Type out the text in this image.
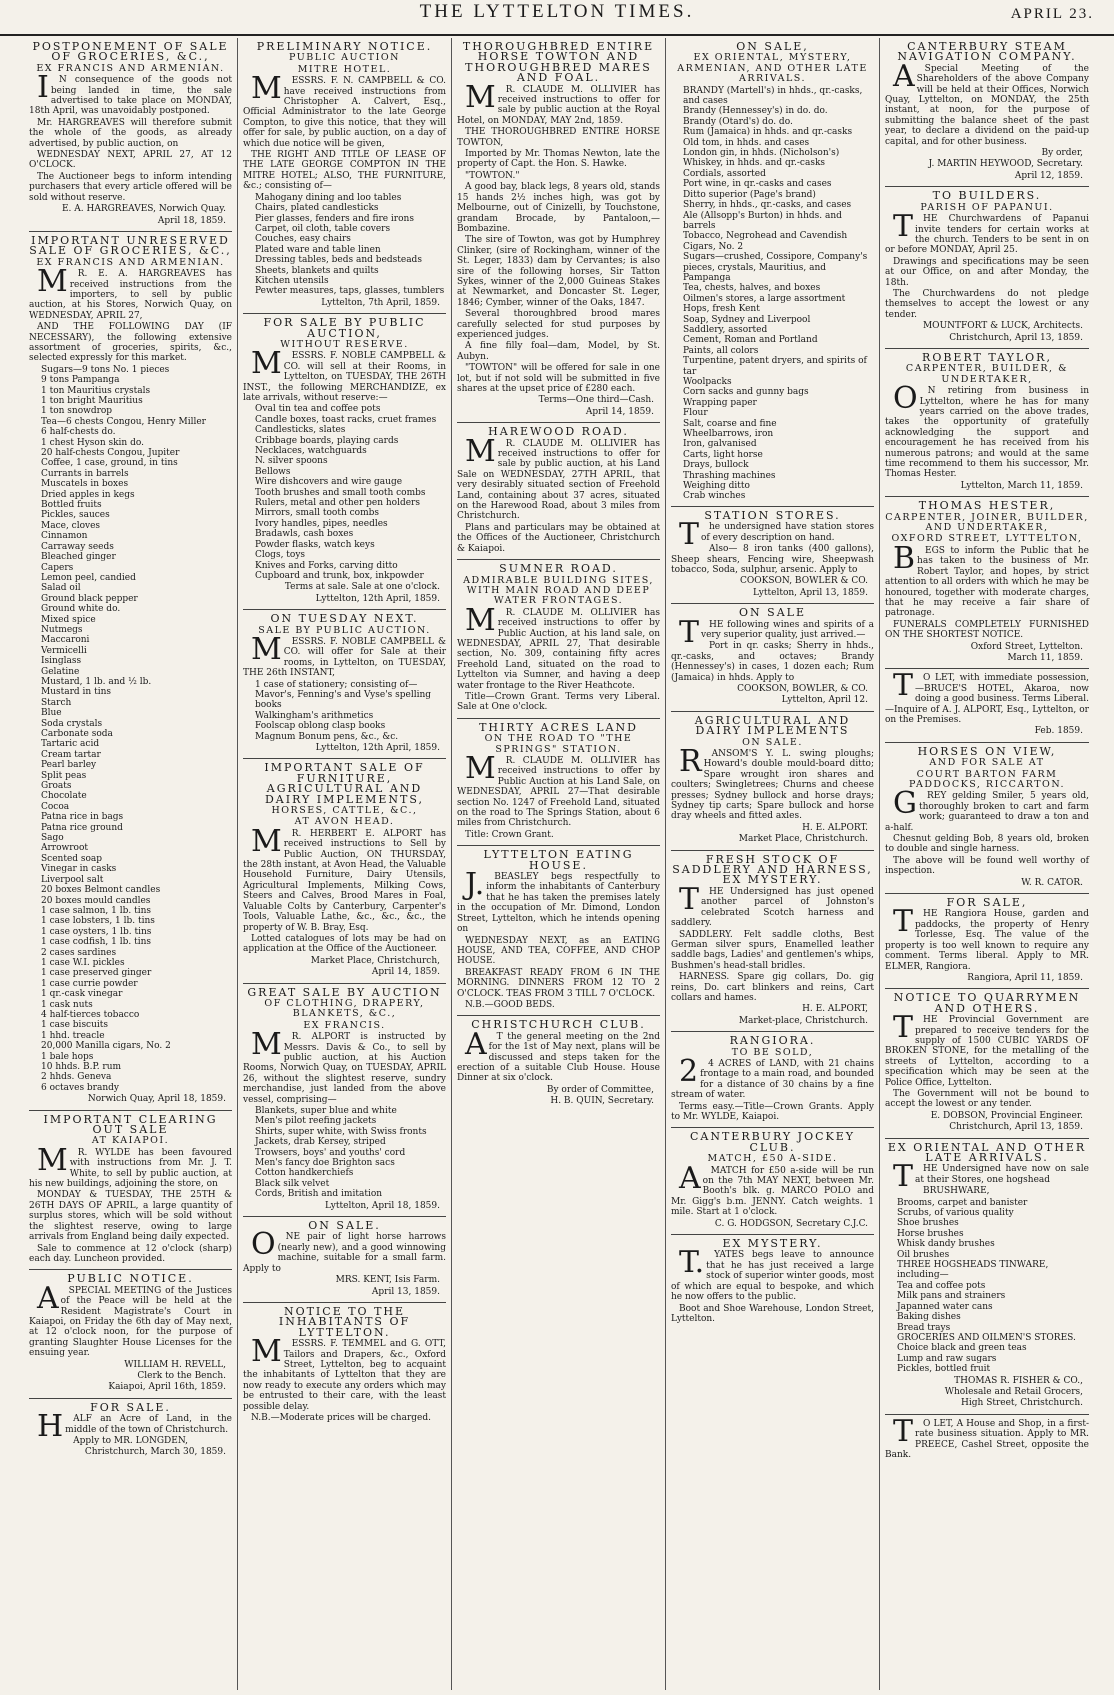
THE LYTTELTON TIMES.	APRIL 23.
POSTPONEMENT OF SALE OF GROCERIES, &C.,
EX FRANCIS AND ARMENIAN.
IN consequence of the goods not being landed in time, the sale advertised to take place on MONDAY, 18th April, was unavoidably postponed.
Mr. HARGREAVES will therefore submit the whole of the goods, as already advertised, by public auction, on
WEDNESDAY NEXT, APRIL 27, AT 12 O'CLOCK.
The Auctioneer begs to inform intending purchasers that every article offered will be sold without reserve.
E. A. HARGREAVES, Norwich Quay.
April 18, 1859.
IMPORTANT UNRESERVED SALE OF GROCERIES, &C.,
EX FRANCIS AND ARMENIAN.
MR. E. A. HARGREAVES has received instructions from the importers, to sell by public auction, at his Stores, Norwich Quay, on WEDNESDAY, APRIL 27,
AND THE FOLLOWING DAY (IF NECESSARY), the following extensive assortment of groceries, spirits, &c., selected expressly for this market.
Sugars—9 tons No. 1 pieces
9 tons Pampanga
1 ton Mauritius crystals
1 ton bright Mauritius
1 ton snowdrop
Tea—6 chests Congou, Henry Miller
6 half-chests do.
1 chest Hyson skin do.
20 half-chests Congou, Jupiter
Coffee, 1 case, ground, in tins
Currants in barrels
Muscatels in boxes
Dried apples in kegs
Bottled fruits
Pickles, sauces
Mace, cloves
Cinnamon
Carraway seeds
Bleached ginger
Capers
Lemon peel, candied
Salad oil
Ground black pepper
Ground white do.
Mixed spice
Nutmegs
Maccaroni
Vermicelli
Isinglass
Gelatine
Mustard, 1 lb. and ½ lb.
Mustard in tins
Starch
Blue
Soda crystals
Carbonate soda
Tartaric acid
Cream tartar
Pearl barley
Split peas
Groats
Chocolate
Cocoa
Patna rice in bags
Patna rice ground
Sago
Arrowroot
Scented soap
Vinegar in casks
Liverpool salt
20 boxes Belmont candles
20 boxes mould candles
1 case salmon, 1 lb. tins
1 case lobsters, 1 lb. tins
1 case oysters, 1 lb. tins
1 case codfish, 1 lb. tins
2 cases sardines
1 case W.I. pickles
1 case preserved ginger
1 case currie powder
1 qr.-cask vinegar
1 cask nuts
4 half-tierces tobacco
1 case biscuits
1 hhd. treacle
20,000 Manilla cigars, No. 2
1 bale hops
10 hhds. B.P. rum
2 hhds. Geneva
6 octaves brandy
Norwich Quay, April 18, 1859.
IMPORTANT CLEARING OUT SALE
AT KAIAPOI.
MR. WYLDE has been favoured with instructions from Mr. J. T. White, to sell by public auction, at his new buildings, adjoining the store, on
MONDAY & TUESDAY, THE 25TH & 26TH DAYS OF APRIL, a large quantity of surplus stores, which will be sold without the slightest reserve, owing to large arrivals from England being daily expected.
Sale to commence at 12 o'clock (sharp) each day. Luncheon provided.
PUBLIC NOTICE.
ASPECIAL MEETING of the Justices of the Peace will be held at the Resident Magistrate's Court in Kaiapoi, on Friday the 6th day of May next, at 12 o'clock noon, for the purpose of granting Slaughter House Licenses for the ensuing year.
WILLIAM H. REVELL,
Clerk to the Bench.
Kaiapoi, April 16th, 1859.
FOR SALE.
HALF an Acre of Land, in the middle of the town of Christchurch.
Apply to MR. LONGDEN,
Christchurch, March 30, 1859.
PRELIMINARY NOTICE.
PUBLIC AUCTION
MITRE HOTEL.
MESSRS. F. N. CAMPBELL & CO. have received instructions from Christopher A. Calvert, Esq., Official Administrator to the late George Compton, to give this notice, that they will offer for sale, by public auction, on a day of which due notice will be given,
THE RIGHT AND TITLE OF LEASE OF THE LATE GEORGE COMPTON IN THE MITRE HOTEL; ALSO, THE FURNITURE, &c.; consisting of—
Mahogany dining and loo tables
Chairs, plated candlesticks
Pier glasses, fenders and fire irons
Carpet, oil cloth, table covers
Couches, easy chairs
Plated ware and table linen
Dressing tables, beds and bedsteads
Sheets, blankets and quilts
Kitchen utensils
Pewter measures, taps, glasses, tumblers
Lyttelton, 7th April, 1859.
FOR SALE BY PUBLIC AUCTION,
WITHOUT RESERVE.
MESSRS. F. NOBLE CAMPBELL & CO. will sell at their Rooms, in Lyttelton, on TUESDAY, THE 26TH INST., the following MERCHANDIZE, ex late arrivals, without reserve:—
Oval tin tea and coffee pots
Candle boxes, toast racks, cruet frames
Candlesticks, slates
Cribbage boards, playing cards
Necklaces, watchguards
N. silver spoons
Bellows
Wire dishcovers and wire gauge
Tooth brushes and small tooth combs
Rulers, metal and other pen holders
Mirrors, small tooth combs
Ivory handles, pipes, needles
Bradawls, cash boxes
Powder flasks, watch keys
Clogs, toys
Knives and Forks, carving ditto
Cupboard and trunk, box, inkpowder
Terms at sale. Sale at one o'clock.
Lyttelton, 12th April, 1859.
ON TUESDAY NEXT.
SALE BY PUBLIC AUCTION.
MESSRS. F. NOBLE CAMPBELL & CO. will offer for Sale at their rooms, in Lyttelton, on TUESDAY, THE 26th INSTANT,
1 case of stationery; consisting of—
Mavor's, Fenning's and Vyse's spelling books
Walkingham's arithmetics
Foolscap oblong clasp books
Magnum Bonum pens, &c., &c.
Lyttelton, 12th April, 1859.
IMPORTANT SALE OF FURNITURE, AGRICULTURAL AND DAIRY IMPLEMENTS,
HORSES, CATTLE, &C.,
AT AVON HEAD.
MR. HERBERT E. ALPORT has received instructions to Sell by Public Auction, ON THURSDAY, the 28th instant, at Avon Head, the Valuable Household Furniture, Dairy Utensils, Agricultural Implements, Milking Cows, Steers and Calves, Brood Mares in Foal, Valuable Colts by Canterbury, Carpenter's Tools, Valuable Lathe, &c., &c., &c., the property of W. B. Bray, Esq.
Lotted catalogues of lots may be had on application at the Office of the Auctioneer.
Market Place, Christchurch,
April 14, 1859.
GREAT SALE BY AUCTION
OF CLOTHING, DRAPERY, BLANKETS, &C.,
EX FRANCIS.
MR. ALPORT is instructed by Messrs. Davis & Co., to sell by public auction, at his Auction Rooms, Norwich Quay, on TUESDAY, APRIL 26, without the slightest reserve, sundry merchandise, just landed from the above vessel, comprising—
Blankets, super blue and white
Men's pilot reefing jackets
Shirts, super white, with Swiss fronts
Jackets, drab Kersey, striped
Trowsers, boys' and youths' cord
Men's fancy doe Brighton sacs
Cotton handkerchiefs
Black silk velvet
Cords, British and imitation
Lyttelton, April 18, 1859.
ON SALE.
ONE pair of light horse harrows (nearly new), and a good winnowing machine, suitable for a small farm. Apply to
MRS. KENT, Isis Farm.
April 13, 1859.
NOTICE TO THE INHABITANTS OF LYTTELTON.
MESSRS. F. TEMMEL and G. OTT, Tailors and Drapers, &c., Oxford Street, Lyttelton, beg to acquaint the inhabitants of Lyttelton that they are now ready to execute any orders which may be entrusted to their care, with the least possible delay.
N.B.—Moderate prices will be charged.
THOROUGHBRED ENTIRE HORSE TOWTON AND THOROUGHBRED MARES AND FOAL.
MR. CLAUDE M. OLLIVIER has received instructions to offer for sale by public auction at the Royal Hotel, on MONDAY, MAY 2nd, 1859.
THE THOROUGHBRED ENTIRE HORSE TOWTON,
Imported by Mr. Thomas Newton, late the property of Capt. the Hon. S. Hawke.
"TOWTON."
A good bay, black legs, 8 years old, stands 15 hands 2½ inches high, was got by Melbourne, out of Cinizelli, by Touchstone, grandam Brocade, by Pantaloon,—Bombazine.
The sire of Towton, was got by Humphrey Clinker, (sire of Rockingham, winner of the St. Leger, 1833) dam by Cervantes; is also sire of the following horses, Sir Tatton Sykes, winner of the 2,000 Guineas Stakes at Newmarket, and Doncaster St. Leger, 1846; Cymber, winner of the Oaks, 1847.
Several thoroughbred brood mares carefully selected for stud purposes by experienced judges.
A fine filly foal—dam, Model, by St. Aubyn.
"TOWTON" will be offered for sale in one lot, but if not sold will be submitted in five shares at the upset price of £280 each.
Terms—One third—Cash.
April 14, 1859.
HAREWOOD ROAD.
MR. CLAUDE M. OLLIVIER has received instructions to offer for sale by public auction, at his Land Sale on WEDNESDAY, 27TH APRIL, that very desirably situated section of Freehold Land, containing about 37 acres, situated on the Harewood Road, about 3 miles from Christchurch.
Plans and particulars may be obtained at the Offices of the Auctioneer, Christchurch & Kaiapoi.
SUMNER ROAD.
ADMIRABLE BUILDING SITES, WITH MAIN ROAD AND DEEP WATER FRONTAGES.
MR. CLAUDE M. OLLIVIER has received instructions to offer by Public Auction, at his land sale, on WEDNESDAY, APRIL 27, That desirable section, No. 309, containing fifty acres Freehold Land, situated on the road to Lyttelton via Sumner, and having a deep water frontage to the River Heathcote.
Title—Crown Grant. Terms very Liberal. Sale at One o'clock.
THIRTY ACRES LAND
ON THE ROAD TO "THE SPRINGS" STATION.
MR. CLAUDE M. OLLIVIER has received instructions to offer by Public Auction at his Land Sale, on WEDNESDAY, APRIL 27—That desirable section No. 1247 of Freehold Land, situated on the road to The Springs Station, about 6 miles from Christchurch.
Title: Crown Grant.
LYTTELTON EATING HOUSE.
J.BEASLEY begs respectfully to inform the inhabitants of Canterbury that he has taken the premises lately in the occupation of Mr. Dimond, London Street, Lyttelton, which he intends opening on
WEDNESDAY NEXT, as an EATING HOUSE, AND TEA, COFFEE, AND CHOP HOUSE.
BREAKFAST READY FROM 6 IN THE MORNING. DINNERS FROM 12 TO 2 O'CLOCK. TEAS FROM 3 TILL 7 O'CLOCK.
N.B.—GOOD BEDS.
CHRISTCHURCH CLUB.
AT the general meeting on the 2nd for the 1st of May next, plans will be discussed and steps taken for the erection of a suitable Club House. House Dinner at six o'clock.
By order of Committee,
H. B. QUIN, Secretary.
ON SALE,
EX ORIENTAL, MYSTERY, ARMENIAN, AND OTHER LATE ARRIVALS.
BRANDY (Martell's) in hhds., qr.-casks, and cases
Brandy (Hennessey's) in do. do.
Brandy (Otard's) do. do.
Rum (Jamaica) in hhds. and qr.-casks
Old tom, in hhds. and cases
London gin, in hhds. (Nicholson's)
Whiskey, in hhds. and qr.-casks
Cordials, assorted
Port wine, in qr.-casks and cases
Ditto superior (Page's brand)
Sherry, in hhds., qr.-casks, and cases
Ale (Allsopp's Burton) in hhds. and barrels
Tobacco, Negrohead and Cavendish
Cigars, No. 2
Sugars—crushed, Cossipore, Company's pieces, crystals, Mauritius, and Pampanga
Tea, chests, halves, and boxes
Oilmen's stores, a large assortment
Hops, fresh Kent
Soap, Sydney and Liverpool
Saddlery, assorted
Cement, Roman and Portland
Paints, all colors
Turpentine, patent dryers, and spirits of tar
Woolpacks
Corn sacks and gunny bags
Wrapping paper
Flour
Salt, coarse and fine
Wheelbarrows, iron
Iron, galvanised
Carts, light horse
Drays, bullock
Thrashing machines
Weighing ditto
Crab winches
STATION STORES.
The undersigned have station stores of every description on hand.
Also— 8 iron tanks (400 gallons), Sheep shears, Fencing wire, Sheepwash tobacco, Soda, sulphur, arsenic. Apply to
COOKSON, BOWLER & CO.
Lyttelton, April 13, 1859.
ON SALE
THE following wines and spirits of a very superior quality, just arrived.—
Port in qr. casks; Sherry in hhds., qr.-casks, and octaves; Brandy (Hennessey's) in cases, 1 dozen each; Rum (Jamaica) in hhds. Apply to
COOKSON, BOWLER, & CO.
Lyttelton, April 12.
AGRICULTURAL AND DAIRY IMPLEMENTS
ON SALE.
RANSOM'S Y. L. swing ploughs; Howard's double mould-board ditto; Spare wrought iron shares and coulters; Swingletrees; Churns and cheese presses; Sydney bullock and horse drays; Sydney tip carts; Spare bullock and horse dray wheels and fitted axles.
H. E. ALPORT.
Market Place, Christchurch.
FRESH STOCK OF SADDLERY AND HARNESS, EX MYSTERY.
THE Undersigned has just opened another parcel of Johnston's celebrated Scotch harness and saddlery.
SADDLERY. Felt saddle cloths, Best German silver spurs, Enamelled leather saddle bags, Ladies' and gentlemen's whips, Bushmen's head-stall bridles.
HARNESS. Spare gig collars, Do. gig reins, Do. cart blinkers and reins, Cart collars and hames.
H. E. ALPORT,
Market-place, Christchurch.
RANGIORA.
TO BE SOLD,
24 ACRES of LAND, with 21 chains frontage to a main road, and bounded for a distance of 30 chains by a fine stream of water.
Terms easy.—Title—Crown Grants. Apply to Mr. WYLDE, Kaiapoi.
CANTERBURY JOCKEY CLUB.
MATCH, £50 A-SIDE.
AMATCH for £50 a-side will be run on the 7th MAY NEXT, between Mr. Booth's blk. g. MARCO POLO and Mr. Gigg's b.m. JENNY. Catch weights. 1 mile. Start at 1 o'clock.
C. G. HODGSON, Secretary C.J.C.
EX MYSTERY.
T.YATES begs leave to announce that he has just received a large stock of superior winter goods, most of which are equal to bespoke, and which he now offers to the public.
Boot and Shoe Warehouse, London Street, Lyttelton.
CANTERBURY STEAM NAVIGATION COMPANY.
ASpecial Meeting of the Shareholders of the above Company will be held at their Offices, Norwich Quay, Lyttelton, on MONDAY, the 25th instant, at noon, for the purpose of submitting the balance sheet of the past year, to declare a dividend on the paid-up capital, and for other business.
By order,
J. MARTIN HEYWOOD, Secretary.
April 12, 1859.
TO BUILDERS.
PARISH OF PAPANUI.
THE Churchwardens of Papanui invite tenders for certain works at the church. Tenders to be sent in on or before MONDAY, April 25.
Drawings and specifications may be seen at our Office, on and after Monday, the 18th.
The Churchwardens do not pledge themselves to accept the lowest or any tender.
MOUNTFORT & LUCK, Architects.
Christchurch, April 13, 1859.
ROBERT TAYLOR,
CARPENTER, BUILDER, & UNDERTAKER,
ON retiring from business in Lyttelton, where he has for many years carried on the above trades, takes the opportunity of gratefully acknowledging the support and encouragement he has received from his numerous patrons; and would at the same time recommend to them his successor, Mr. Thomas Hester.
Lyttelton, March 11, 1859.
THOMAS HESTER,
CARPENTER, JOINER, BUILDER, AND UNDERTAKER,
OXFORD STREET, LYTTELTON,
BEGS to inform the Public that he has taken to the business of Mr. Robert Taylor, and hopes, by strict attention to all orders with which he may be honoured, together with moderate charges, that he may receive a fair share of patronage.
FUNERALS COMPLETELY FURNISHED ON THE SHORTEST NOTICE.
Oxford Street, Lyttelton.
March 11, 1859.
TO LET, with immediate possession,—BRUCE'S HOTEL, Akaroa, now doing a good business. Terms Liberal.—Inquire of A. J. ALPORT, Esq., Lyttelton, or on the Premises.
Feb. 1859.
HORSES ON VIEW,
AND FOR SALE AT
COURT BARTON FARM PADDOCKS, RICCARTON.
GREY gelding Smiler, 5 years old, thoroughly broken to cart and farm work; guaranteed to draw a ton and a-half.
Chesnut gelding Bob, 8 years old, broken to double and single harness.
The above will be found well worthy of inspection.
W. R. CATOR.
FOR SALE,
THE Rangiora House, garden and paddocks, the property of Henry Torlesse, Esq. The value of the property is too well known to require any comment. Terms liberal. Apply to MR. ELMER, Rangiora.
Rangiora, April 11, 1859.
NOTICE TO QUARRYMEN AND OTHERS.
THE Provincial Government are prepared to receive tenders for the supply of 1500 CUBIC YARDS OF BROKEN STONE, for the metalling of the streets of Lyttelton, according to a specification which may be seen at the Police Office, Lyttelton.
The Government will not be bound to accept the lowest or any tender.
E. DOBSON, Provincial Engineer.
Christchurch, April 13, 1859.
EX ORIENTAL AND OTHER LATE ARRIVALS.
THE Undersigned have now on sale at their Stores, one hogshead
BRUSHWARE,
Brooms, carpet and banister
Scrubs, of various quality
Shoe brushes
Horse brushes
Whisk dandy brushes
Oil brushes
THREE HOGSHEADS TINWARE, including—
Tea and coffee pots
Milk pans and strainers
Japanned water cans
Baking dishes
Bread trays
GROCERIES AND OILMEN'S STORES.
Choice black and green teas
Lump and raw sugars
Pickles, bottled fruit
THOMAS R. FISHER & CO.,
Wholesale and Retail Grocers,
High Street, Christchurch.
TO LET, A House and Shop, in a first-rate business situation. Apply to MR. PREECE, Cashel Street, opposite the Bank.
